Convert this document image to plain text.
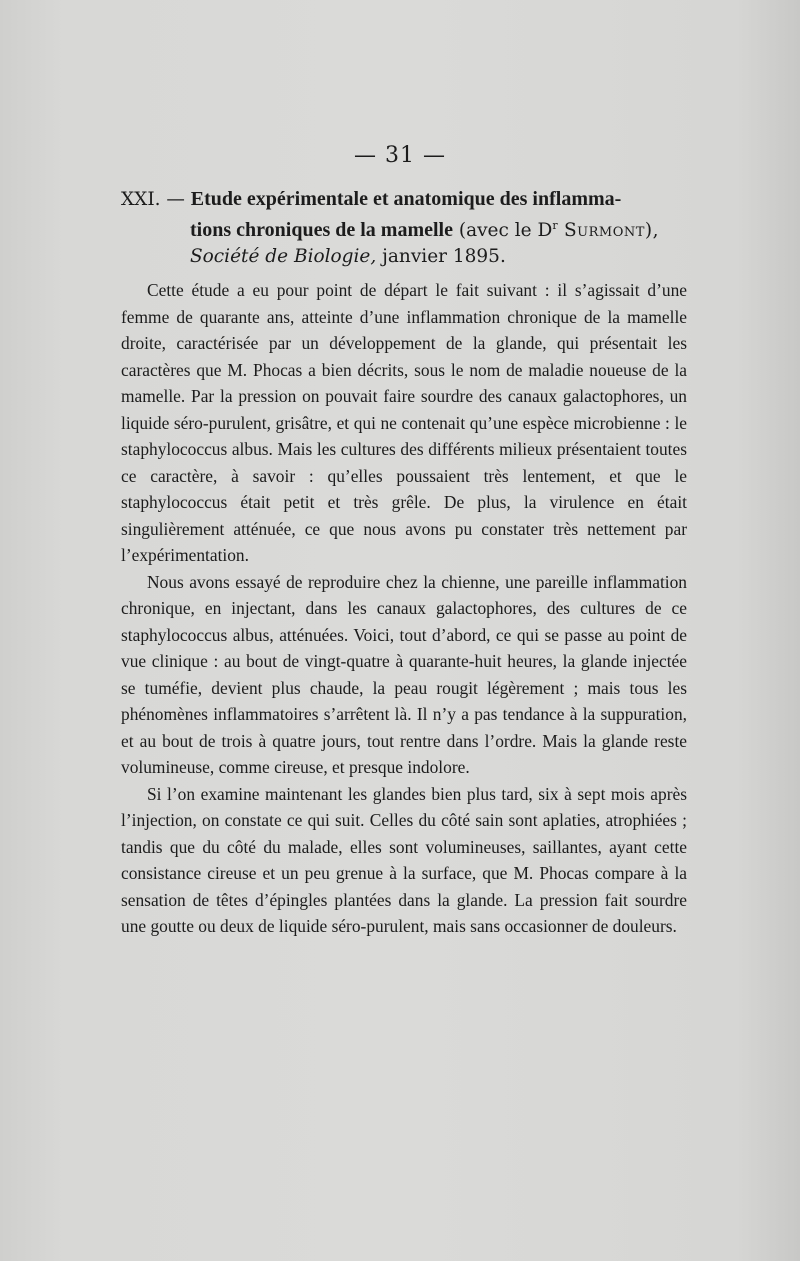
— 31 —
XXI. — Etude expérimentale et anatomique des inflamma-
tions chroniques de la mamelle (avec le $D^r$ Surmont),
Société de Biologie, janvier 1895.

Cette étude a eu pour point de départ le fait suivant : il s’agissait d’une femme de quarante ans, atteinte d’une inflammation chronique de la mamelle droite, caractérisée par un développement de la glande, qui présentait les caractères que M. Phocas a bien décrits, sous le nom de maladie noueuse de la mamelle. Par la pression on pouvait faire sourdre des canaux galactophores, un liquide séro-purulent, grisâtre, et qui ne contenait qu’une espèce microbienne : le staphylococcus albus. Mais les cultures des différents milieux présentaient toutes ce caractère, à savoir : qu’elles poussaient très lentement, et que le staphylococcus était petit et très grêle. De plus, la virulence en était singulièrement atténuée, ce que nous avons pu constater très nettement par l’expérimentation.

Nous avons essayé de reproduire chez la chienne, une pareille inflammation chronique, en injectant, dans les canaux galactophores, des cultures de ce staphylococcus albus, atténuées. Voici, tout d’abord, ce qui se passe au point de vue clinique : au bout de vingt-quatre à quarante-huit heures, la glande injectée se tuméfie, devient plus chaude, la peau rougit légèrement ; mais tous les phénomènes inflammatoires s’arrêtent là. Il n’y a pas tendance à la suppuration, et au bout de trois à quatre jours, tout rentre dans l’ordre. Mais la glande reste volumineuse, comme cireuse, et presque indolore.

Si l’on examine maintenant les glandes bien plus tard, six à sept mois après l’injection, on constate ce qui suit. Celles du côté sain sont aplaties, atrophiées ; tandis que du côté du malade, elles sont volumineuses, saillantes, ayant cette consistance cireuse et un peu grenue à la surface, que M. Phocas compare à la sensation de têtes d’épingles plantées dans la glande. La pression fait sourdre une goutte ou deux de liquide séro-purulent, mais sans occasionner de douleurs.
